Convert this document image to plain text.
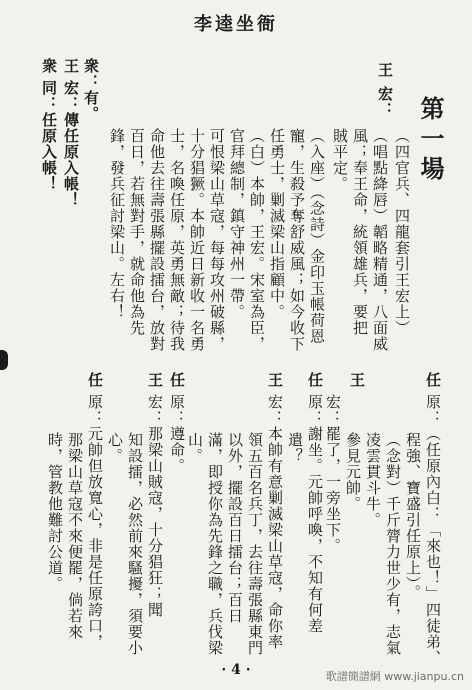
李逵坐衙
第一場
王
宏：
（四官兵、四龍套引王宏上）
（唱點絳唇）韜略精通，八面威
風；奉王命，統領雄兵，要把
賊平定。
（入座）（念詩）金印玉帳荷恩
寵，生殺予奪舒威風；如今收下
任勇士，剿滅梁山指顧中。
（白）本帥，王宏。宋室為臣，
官拜總制，鎮守神州一帶。
可恨梁山草寇，每每攻州破縣，
十分猖獗。本帥近日新收一名勇
士，名喚任原，英勇無敵；待我
命他去往壽張縣擺設擂台，放對
百日，若無對手，就命他為先
鋒，發兵征討梁山。左右！
衆：有。
王
宏：傳任原入帳！
衆
同：任原入帳！
任
原：（任原內白：「來也！」四徒弟、
程強、寶盛引任原上）。
（念對）千斤膂力世少有，志氣
凌雲貫斗牛。
參見元帥。
王
宏：罷了，一旁坐下。
任
原：謝坐。元帥呼喚，不知有何差
遣？
王
宏：本帥有意剿滅梁山草寇，命你率
領五百名兵丁，去往壽張縣東門
以外，擺設百日擂台；百日
滿，即授你為先鋒之職，兵伐梁
山。
任
原：遵命。
王
宏：那梁山賊寇，十分猖狂；聞
知設擂，必然前來騷擾，須要小
心。
任
原：元帥但放寬心，非是任原誇口，
那梁山草寇不來便罷，倘若來
時，管教他難討公道。
· 4 ·	歌譜簡譜網 www.jianpu.cn
